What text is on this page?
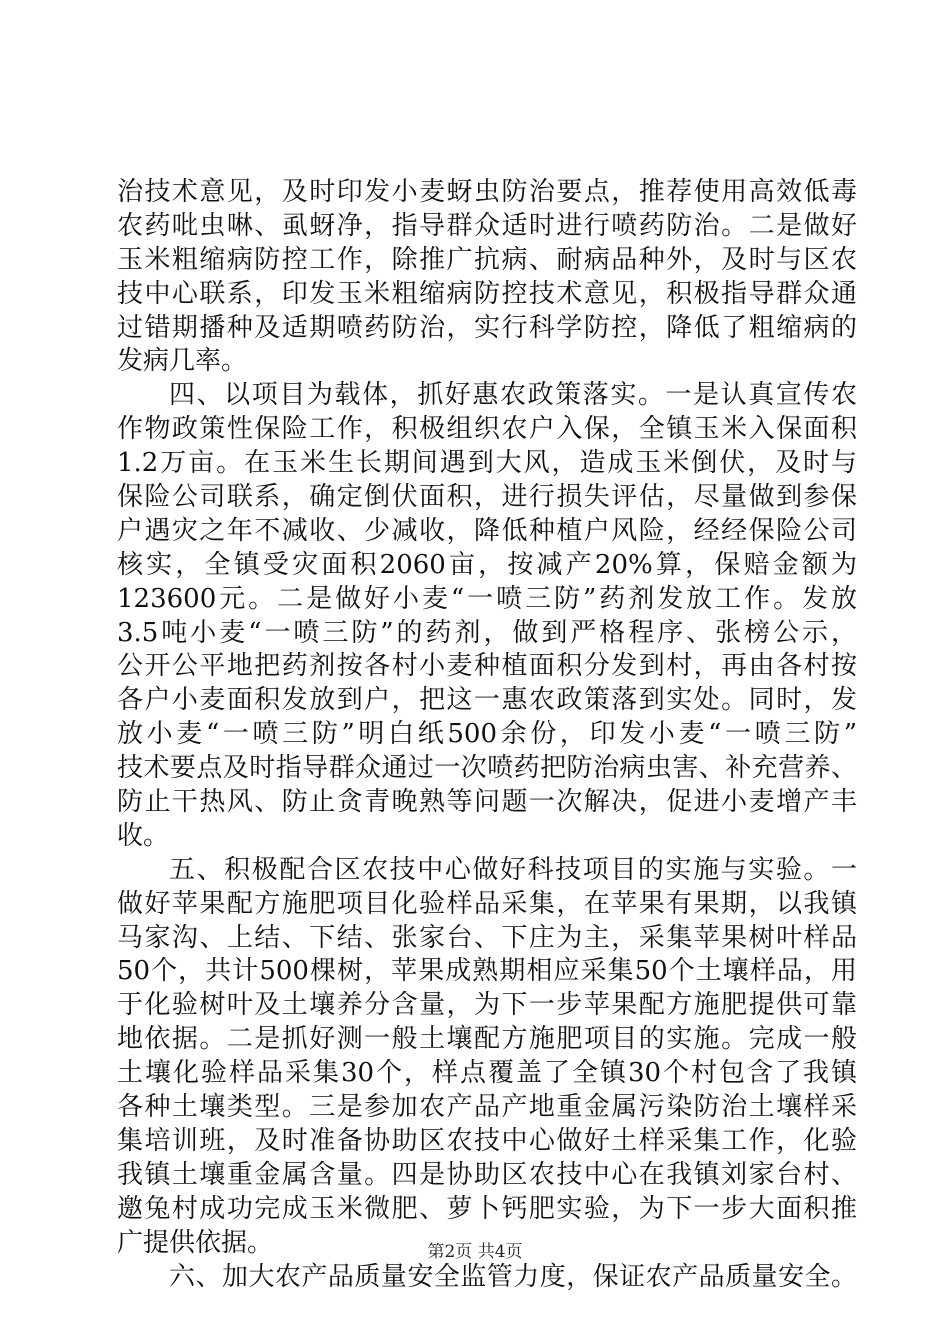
治技术意见，及时印发小麦蚜虫防治要点，推荐使用高效低毒
农药吡虫啉、虱蚜净，指导群众适时进行喷药防治。二是做好
玉米粗缩病防控工作，除推广抗病、耐病品种外，及时与区农
技中心联系，印发玉米粗缩病防控技术意见，积极指导群众通
过错期播种及适期喷药防治，实行科学防控，降低了粗缩病的
发病几率。
四、以项目为载体，抓好惠农政策落实。一是认真宣传农
作物政策性保险工作，积极组织农户入保，全镇玉米入保面积
1.2万亩。在玉米生长期间遇到大风，造成玉米倒伏，及时与
保险公司联系，确定倒伏面积，进行损失评估，尽量做到参保
户遇灾之年不减收、少减收，降低种植户风险，经经保险公司
核实，全镇受灾面积2060亩，按减产20%算，保赔金额为
123600元。二是做好小麦“一喷三防”药剂发放工作。发放
3.5吨小麦“一喷三防”的药剂，做到严格程序、张榜公示，
公开公平地把药剂按各村小麦种植面积分发到村，再由各村按
各户小麦面积发放到户，把这一惠农政策落到实处。同时，发
放小麦“一喷三防”明白纸500余份，印发小麦“一喷三防”
技术要点及时指导群众通过一次喷药把防治病虫害、补充营养、
防止干热风、防止贪青晚熟等问题一次解决，促进小麦增产丰
收。
五、积极配合区农技中心做好科技项目的实施与实验。一
做好苹果配方施肥项目化验样品采集，在苹果有果期，以我镇
马家沟、上结、下结、张家台、下庄为主，采集苹果树叶样品
50个，共计500棵树，苹果成熟期相应采集50个土壤样品，用
于化验树叶及土壤养分含量，为下一步苹果配方施肥提供可靠
地依据。二是抓好测一般土壤配方施肥项目的实施。完成一般
土壤化验样品采集30个，样点覆盖了全镇30个村包含了我镇
各种土壤类型。三是参加农产品产地重金属污染防治土壤样采
集培训班，及时准备协助区农技中心做好土样采集工作，化验
我镇土壤重金属含量。四是协助区农技中心在我镇刘家台村、
邀兔村成功完成玉米微肥、萝卜钙肥实验，为下一步大面积推
广提供依据。
六、加大农产品质量安全监管力度，保证农产品质量安全。
第2页 共4页
